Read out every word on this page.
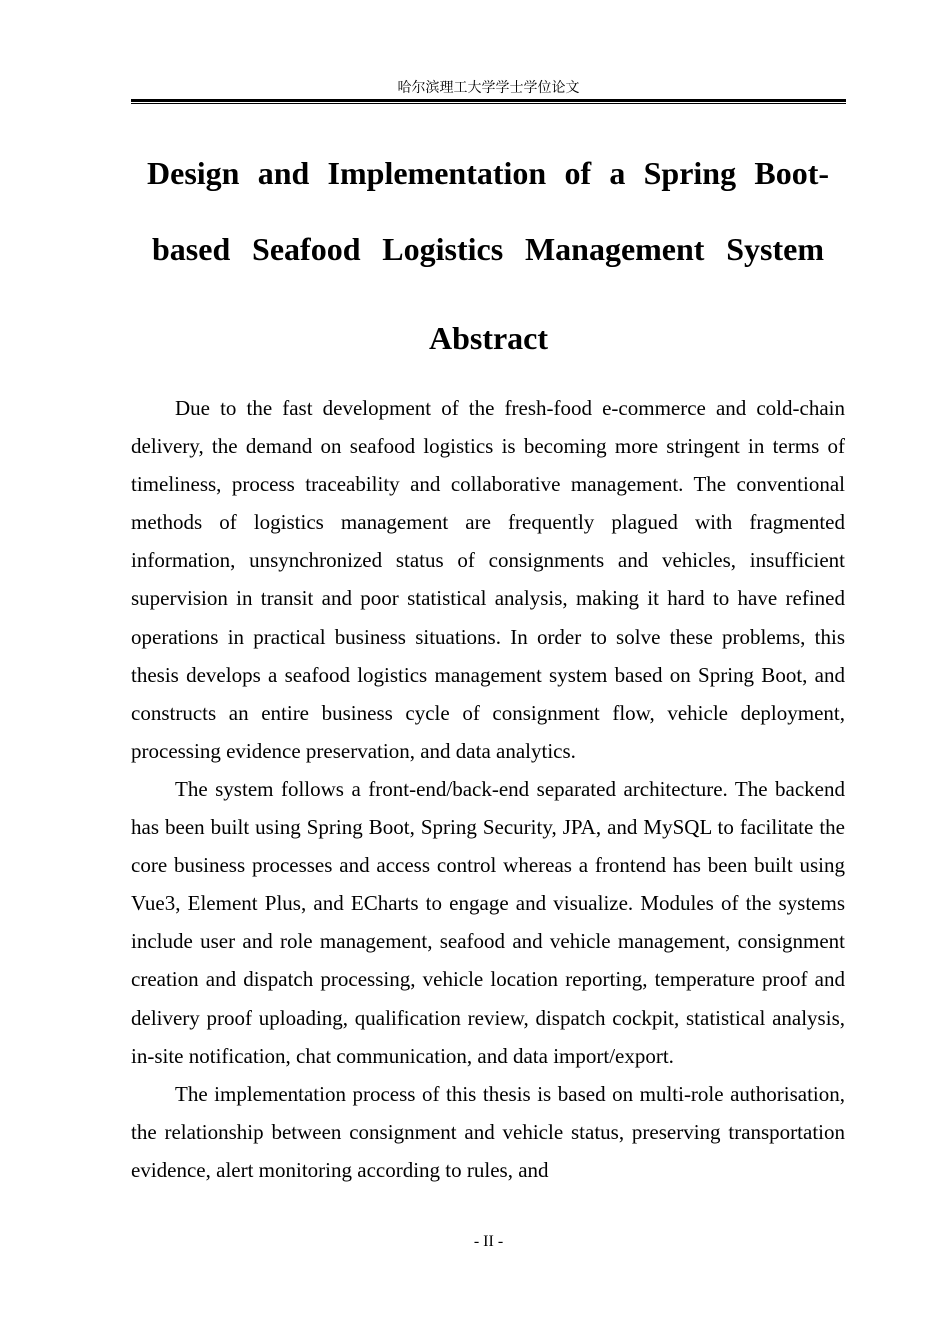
哈尔滨理工大学学士学位论文
Design and Implementation of a Spring Boot-
based Seafood Logistics Management System
Abstract

Due to the fast development of the fresh-food e-commerce and cold-chain delivery, the demand on seafood logistics is becoming more stringent in terms of timeliness, process traceability and collaborative management. The conventional methods of logistics management are frequently plagued with fragmented information, unsynchronized status of consignments and vehicles, insufficient supervision in transit and poor statistical analysis, making it hard to have refined operations in practical business situations. In order to solve these problems, this thesis develops a seafood logistics management system based on Spring Boot, and constructs an entire business cycle of consignment flow, vehicle deployment, processing evidence preservation, and data analytics.

The system follows a front-end/back-end separated architecture. The backend has been built using Spring Boot, Spring Security, JPA, and MySQL to facilitate the core business processes and access control whereas a frontend has been built using Vue3, Element Plus, and ECharts to engage and visualize. Modules of the systems include user and role management, seafood and vehicle management, consignment creation and dispatch processing, vehicle location reporting, temperature proof and delivery proof uploading, qualification review, dispatch cockpit, statistical analysis, in-site notification, chat communication, and data import/export.

The implementation process of this thesis is based on multi-role authorisation, the relationship between consignment and vehicle status, preserving transportation evidence, alert monitoring according to rules, and

- II -
